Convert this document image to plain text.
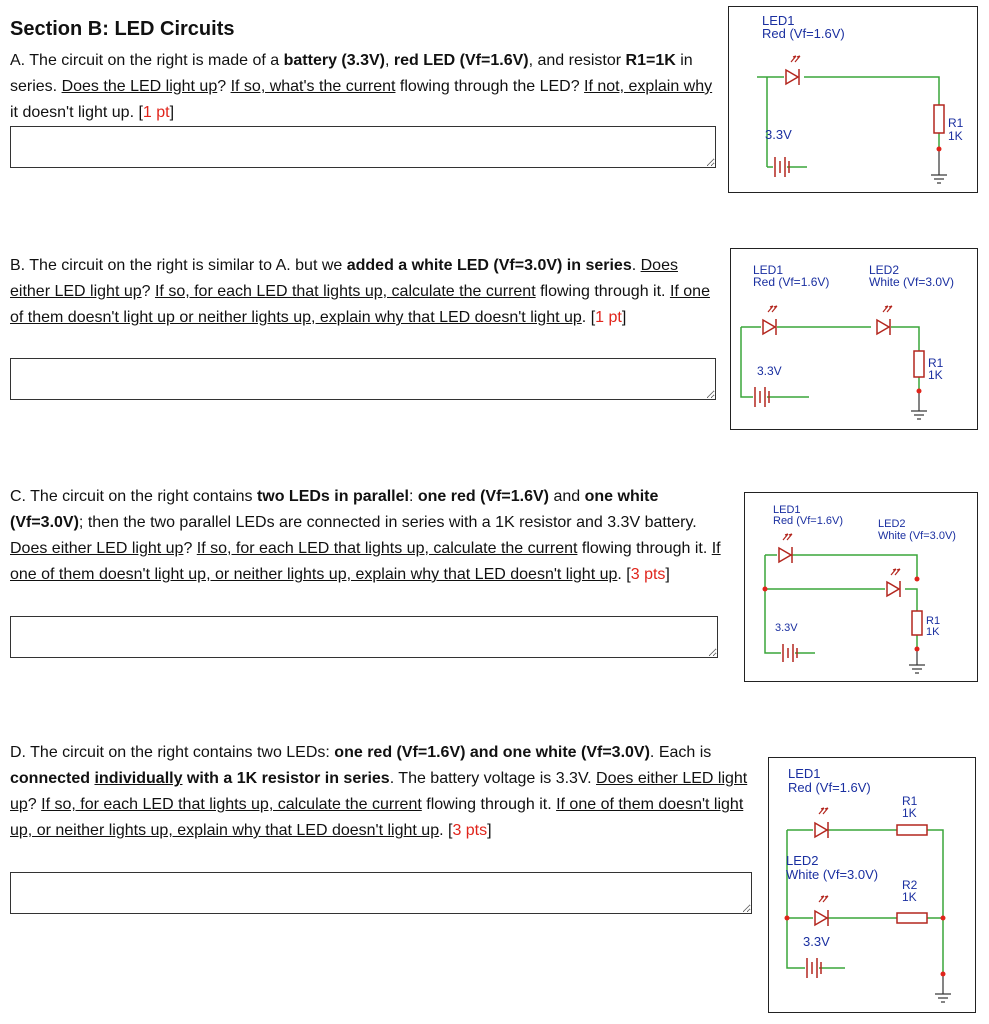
Section B: LED Circuits

A. The circuit on the right is made of a battery (3.3V), red LED (Vf=1.6V), and resistor R1=1K in series. Does the LED light up? If so, what's the current flowing through the LED? If not, explain why it doesn't light up. [1 pt]

LED1
Red (Vf=1.6V)
R1
1K
3.3V

B. The circuit on the right is similar to A. but we added a white LED (Vf=3.0V) in series. Does either LED light up? If so, for each LED that lights up, calculate the current flowing through it. If one of them doesn't light up or neither lights up, explain why that LED doesn't light up. [1 pt]

LED1
Red (Vf=1.6V)
LED2
White (Vf=3.0V)
R1
1K
3.3V

C. The circuit on the right contains two LEDs in parallel: one red (Vf=1.6V) and one white (Vf=3.0V); then the two parallel LEDs are connected in series with a 1K resistor and 3.3V battery. Does either LED light up? If so, for each LED that lights up, calculate the current flowing through it. If one of them doesn't light up, or neither lights up, explain why that LED doesn't light up. [3 pts]

LED1
Red (Vf=1.6V)	LED2
White (Vf=3.0V)
R1
1K
3.3V

D. The circuit on the right contains two LEDs: one red (Vf=1.6V) and one white (Vf=3.0V). Each is connected individually with a 1K resistor in series. The battery voltage is 3.3V. Does either LED light up? If so, for each LED that lights up, calculate the current flowing through it. If one of them doesn't light up, or neither lights up, explain why that LED doesn't light up. [3 pts]

LED1
Red (Vf=1.6V)
R1
1K
LED2
White (Vf=3.0V)
R2
1K
3.3V
